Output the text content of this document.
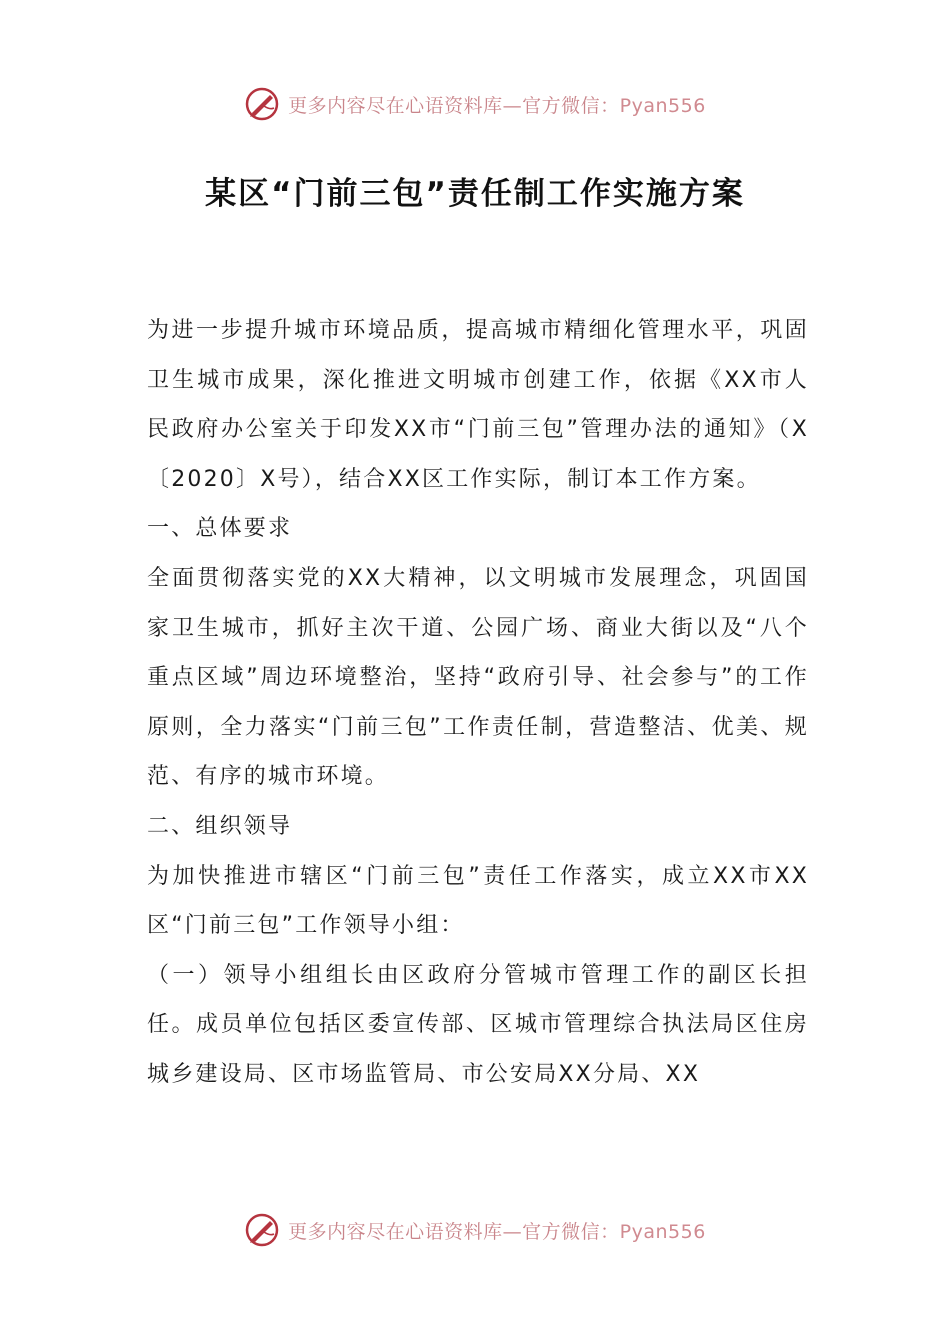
更多内容尽在心语资料库—官方微信：Pyan556
某区“门前三包”责任制工作实施方案

为进一步提升城市环境品质，提高城市精细化管理水平，巩固卫生城市成果，深化推进文明城市创建工作，依据《XX市人民政府办公室关于印发XX市“门前三包”管理办法的通知》（X〔2020〕X号），结合XX区工作实际，制订本工作方案。

一、总体要求

全面贯彻落实党的XX大精神，以文明城市发展理念，巩固国家卫生城市，抓好主次干道、公园广场、商业大街以及“八个重点区域”周边环境整治，坚持“政府引导、社会参与”的工作原则，全力落实“门前三包”工作责任制，营造整洁、优美、规范、有序的城市环境。

二、组织领导

为加快推进市辖区“门前三包”责任工作落实，成立XX市XX区“门前三包”工作领导小组：

（一）领导小组组长由区政府分管城市管理工作的副区长担任。成员单位包括区委宣传部、区城市管理综合执法局区住房城乡建设局、区市场监管局、市公安局XX分局、XX

更多内容尽在心语资料库—官方微信：Pyan556
